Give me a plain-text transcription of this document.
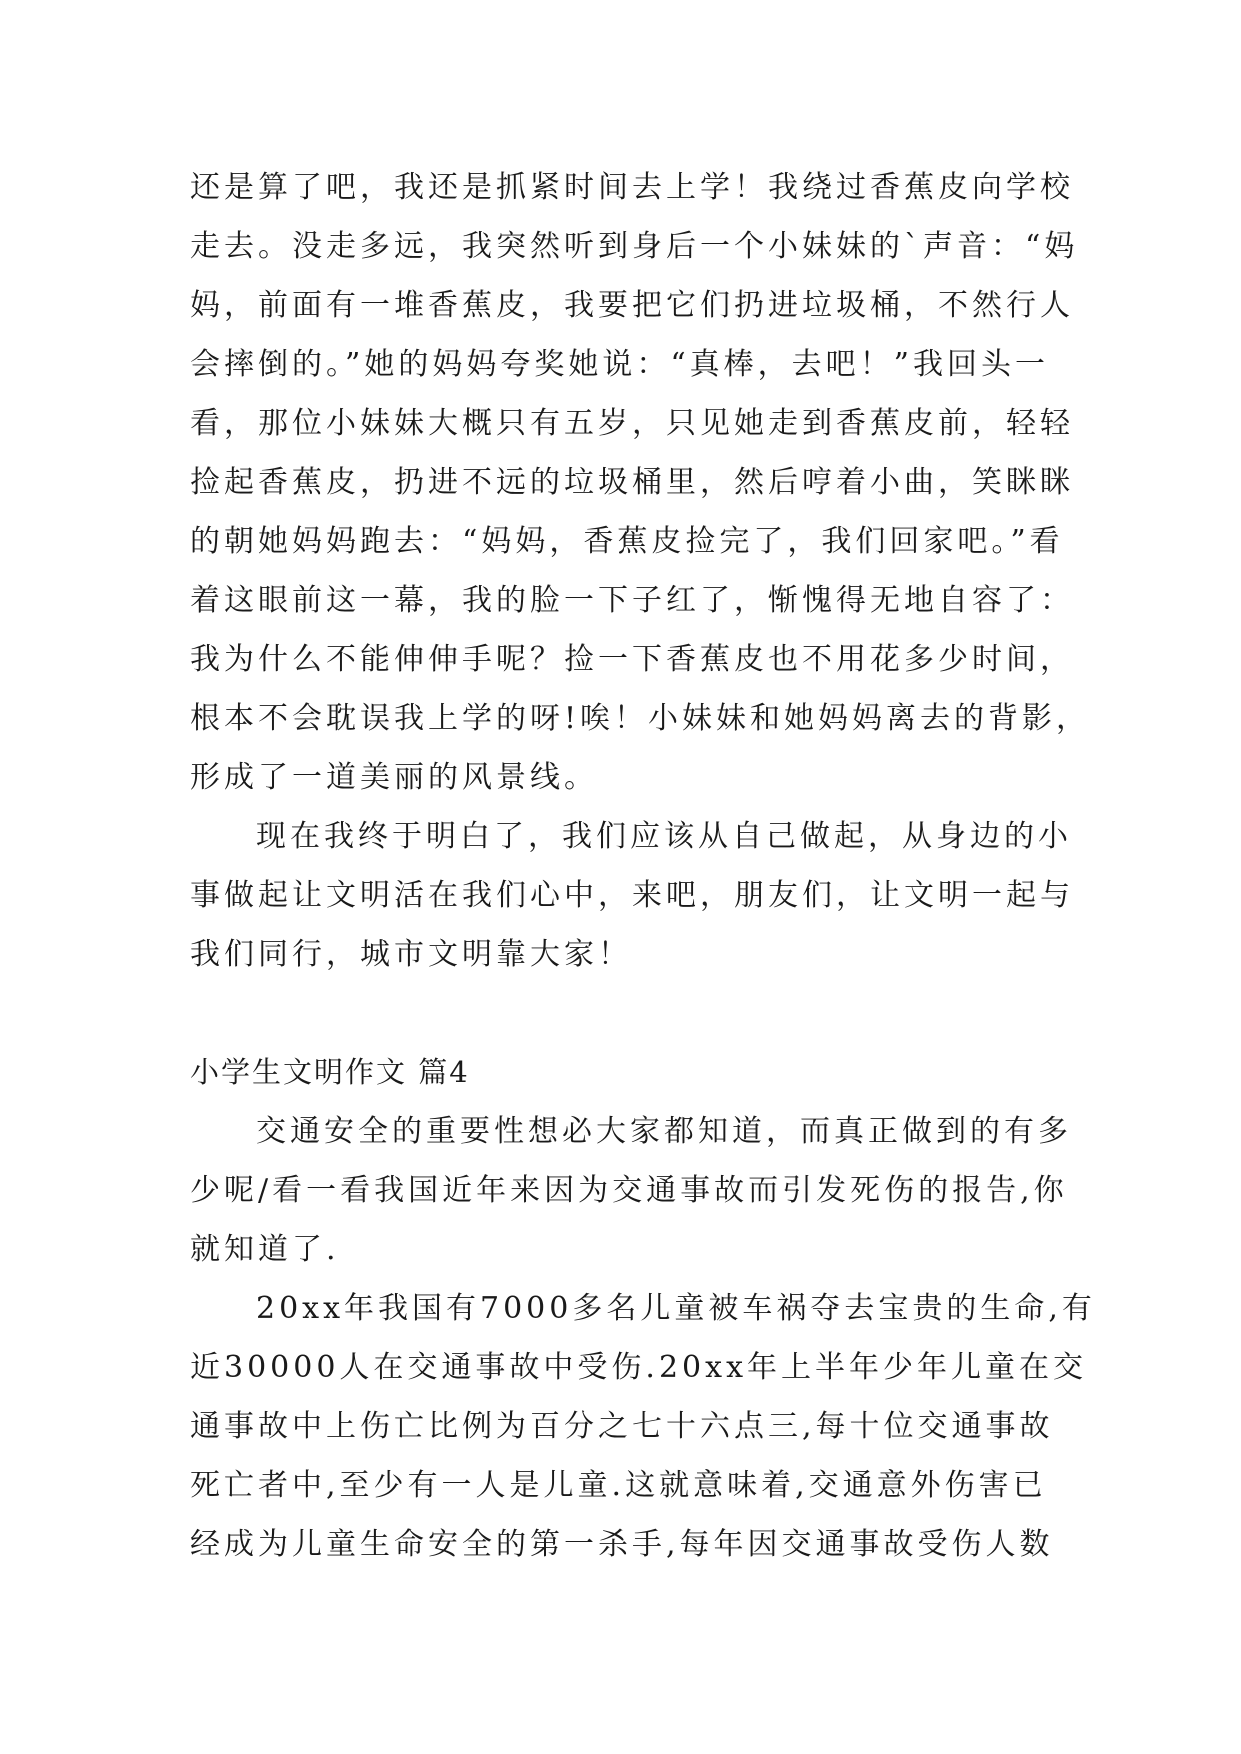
还是算了吧，我还是抓紧时间去上学！我绕过香蕉皮向学校
走去。没走多远，我突然听到身后一个小妹妹的`声音：“妈
妈，前面有一堆香蕉皮，我要把它们扔进垃圾桶，不然行人
会摔倒的。”她的妈妈夸奖她说：“真棒，去吧！”我回头一
看，那位小妹妹大概只有五岁，只见她走到香蕉皮前，轻轻
捡起香蕉皮，扔进不远的垃圾桶里，然后哼着小曲，笑眯眯
的朝她妈妈跑去：“妈妈，香蕉皮捡完了，我们回家吧。”看
着这眼前这一幕，我的脸一下子红了，惭愧得无地自容了：
我为什么不能伸伸手呢？捡一下香蕉皮也不用花多少时间，
根本不会耽误我上学的呀!唉！小妹妹和她妈妈离去的背影，
形成了一道美丽的风景线。
现在我终于明白了，我们应该从自己做起，从身边的小
事做起让文明活在我们心中，来吧，朋友们，让文明一起与
我们同行，城市文明靠大家！
小学生文明作文 篇4
交通安全的重要性想必大家都知道，而真正做到的有多
少呢/看一看我国近年来因为交通事故而引发死伤的报告,你
就知道了.
20xx年我国有7000多名儿童被车祸夺去宝贵的生命,有
近30000人在交通事故中受伤.20xx年上半年少年儿童在交
通事故中上伤亡比例为百分之七十六点三,每十位交通事故
死亡者中,至少有一人是儿童.这就意味着,交通意外伤害已
经成为儿童生命安全的第一杀手,每年因交通事故受伤人数
